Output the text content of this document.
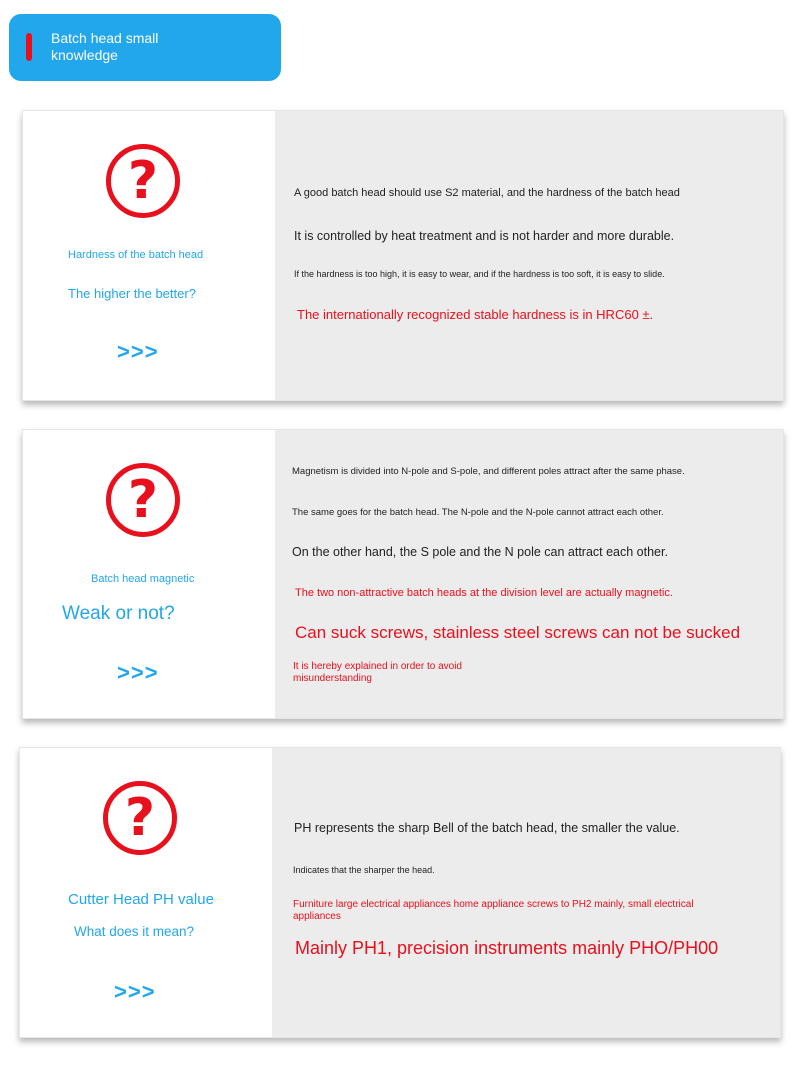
Batch head small knowledge
?
Hardness of the batch head
The higher the better?
>>>
A good batch head should use S2 material, and the hardness of the batch head
It is controlled by heat treatment and is not harder and more durable.
If the hardness is too high, it is easy to wear, and if the hardness is too soft, it is easy to slide.
The internationally recognized stable hardness is in HRC60 ±.
?
Batch head magnetic
Weak or not?
>>>
Magnetism is divided into N-pole and S-pole, and different poles attract after the same phase.
The same goes for the batch head. The N-pole and the N-pole cannot attract each other.
On the other hand, the S pole and the N pole can attract each other.
The two non-attractive batch heads at the division level are actually magnetic.
Can suck screws, stainless steel screws can not be sucked
It is hereby explained in order to avoid misunderstanding
?
Cutter Head PH value
What does it mean?
>>>
PH represents the sharp Bell of the batch head, the smaller the value.
Indicates that the sharper the head.
Furniture large electrical appliances home appliance screws to PH2 mainly, small electrical appliances
Mainly PH1, precision instruments mainly PHO/PH00
